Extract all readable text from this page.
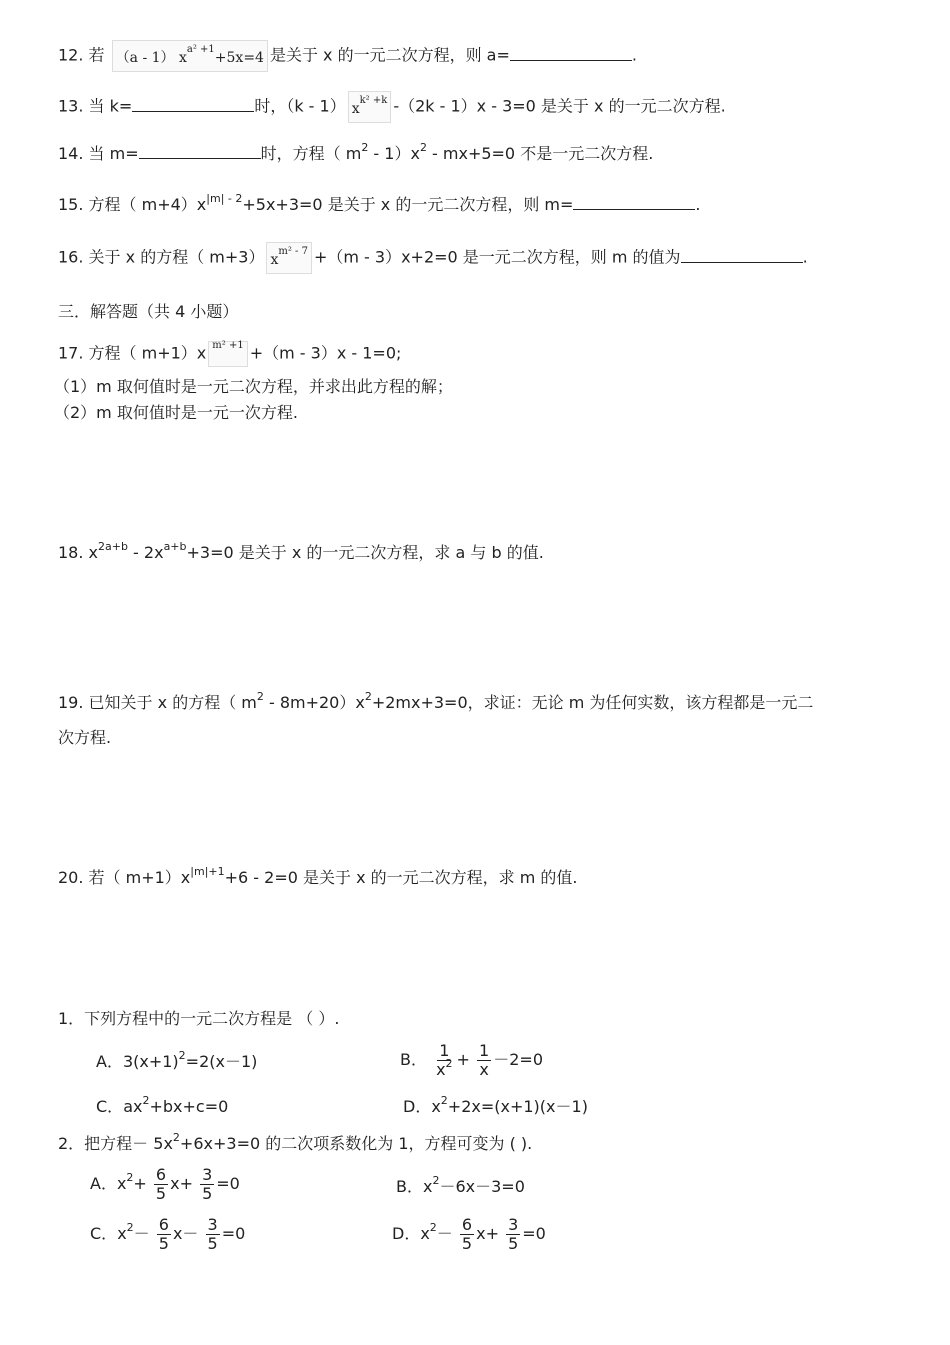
12. 若 （a - 1） $x^{a^2 +1}+5x=4$ 是关于 x 的一元二次方程，则 a=	.
13. 当 k=	时，（k - 1） $x^{k^2 +k}$ -（2k - 1）x - 3=0 是关于 x 的一元二次方程.
14. 当 m=	时，方程（ $m^2 - 1)x^2 - mx+5=0$ 不是一元二次方程.
15. 方程（ $m+4)x^{|m| - 2}+5x+3=0$ 是关于 x 的一元二次方程，则 m=	.
16. 关于 x 的方程（ m+3） $x^{m^2 - 7} +(m - 3)x+2=0$ 是一元二次方程，则 m 的值为	.
三．解答题（共 4 小题）
17. 方程（ m+1）x $^{m^2 +1}$ +（m - 3）x - 1=0;
（1）m 取何值时是一元二次方程，并求出此方程的解；
（2）m 取何值时是一元一次方程.
18. $x^{2a+b} - 2x^{a+b}+3=0$ 是关于 x 的一元二次方程，求 a 与 b 的值.
19. 已知关于 x 的方程（ $m^2 - 8m+20)x^2+2mx+3=0$，求证：无论 m 为任何实数，该方程都是一元二
次方程.
20. 若（ $m+1)x^{|m|+1}+6 - 2=0$ 是关于 x 的一元二次方程，求 m 的值.
1．下列方程中的一元二次方程是 （ ）.
A．$3(x+1)^2=2(x-1)$	B． $\frac{1}{x^2} + \frac{1}{x} -2=0$
C．$ax^2+bx+c=0$	D．$x^2+2x=(x+1)(x-1)$
2．把方程－ $5x^2+6x+3=0$ 的二次项系数化为 1，方程可变为 ( ).
A．$x^2+ \frac{6}{5} x+ \frac{3}{5} =0$	B．$x^2-6x-3=0$
C．$x^2- \frac{6}{5} x- \frac{3}{5} =0$	D．$x^2- \frac{6}{5} x+ \frac{3}{5} =0$
